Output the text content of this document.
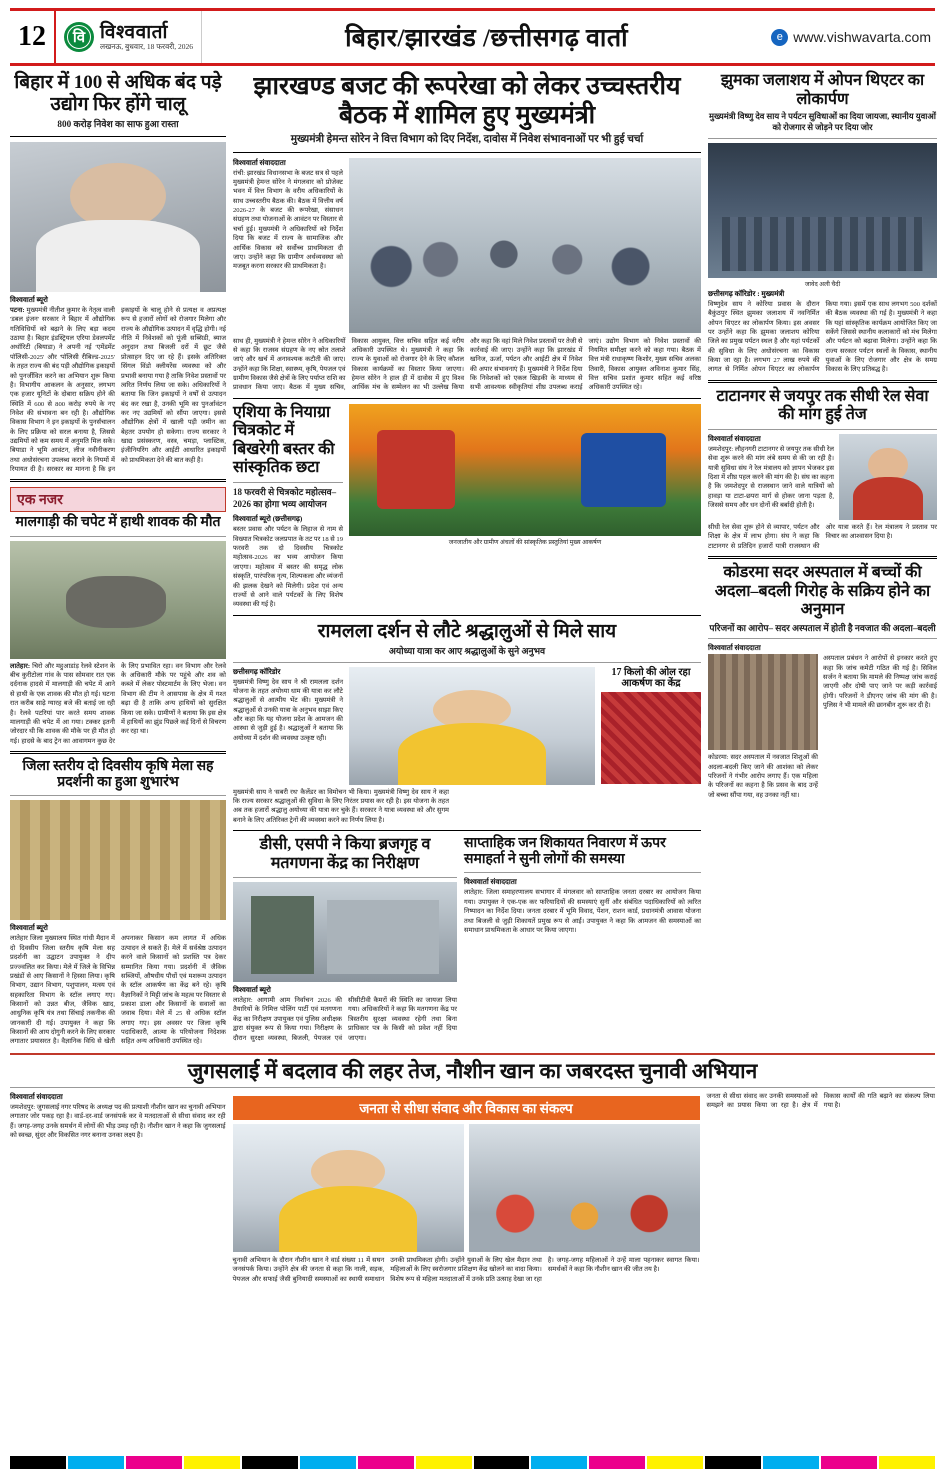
12	वि विश्ववार्ता
लखनऊ, बुधवार, 18 फरवरी, 2026	बिहार/झारखंड /छत्तीसगढ़ वार्ता	e www.vishwavarta.com
बिहार में 100 से अधिक बंद पड़े उद्योग फिर होंगे चालू
800 करोड़ निवेश का साफ हुआ रास्ता
विश्ववार्ता ब्यूरो
पटना: मुख्यमंत्री नीतीश कुमार के नेतृत्व वाली 'डबल इंजन' सरकार ने बिहार में औद्योगिक गतिविधियों को बढ़ाने के लिए बड़ा कदम उठाया है। बिहार इंडस्ट्रियल एरिया डेवलपमेंट अथॉरिटी (बियाडा) ने अपनी नई 'एमेंडमेंट पॉलिसी-2025' और 'पॉलिसी रीबिल्ड-2025' के तहत राज्य की बंद पड़ी औद्योगिक इकाइयों को पुनर्जीवित करने का अभियान शुरू किया है। विभागीय आकलन के अनुसार, लगभग एक हजार यूनिटों के दोबारा सक्रिय होने की स्थिति में 600 से 800 करोड़ रुपये के नए निवेश की संभावना बन रही है। औद्योगिक विकास विभाग ने इन इकाइयों के पुनर्संचालन के लिए प्रक्रिया को सरल बनाया है, जिससे उद्यमियों को कम समय में अनुमति मिल सके। बियाडा ने भूमि आवंटन, लीज नवीनीकरण तथा अधोसंरचना उपलब्ध कराने के नियमों में रियायत दी है। सरकार का मानना है कि इन इकाइयों के चालू होने से प्रत्यक्ष व अप्रत्यक्ष रूप से हजारों लोगों को रोजगार मिलेगा और राज्य के औद्योगिक उत्पादन में वृद्धि होगी। नई नीति में निवेशकों को पूंजी सब्सिडी, ब्याज अनुदान तथा बिजली दरों में छूट जैसे प्रोत्साहन दिए जा रहे हैं। इसके अतिरिक्त सिंगल विंडो क्लीयरेंस व्यवस्था को और प्रभावी बनाया गया है ताकि निवेश प्रस्तावों पर त्वरित निर्णय लिया जा सके। अधिकारियों ने बताया कि जिन इकाइयों ने वर्षों से उत्पादन बंद कर रखा है, उनकी भूमि का पुनर्आवंटन कर नए उद्यमियों को सौंपा जाएगा। इससे औद्योगिक क्षेत्रों में खाली पड़ी जमीन का बेहतर उपयोग हो सकेगा। राज्य सरकार ने खाद्य प्रसंस्करण, वस्त्र, चमड़ा, प्लास्टिक, इंजीनियरिंग और आईटी आधारित इकाइयों को प्राथमिकता देने की बात कही है।
एक नजर
मालगाड़ी की चपेट में हाथी शावक की मौत
लातेहार: चिरो और महुआडांड़ रेलवे स्टेशन के बीच कुरीटोला गांव के पास सोमवार रात एक दर्दनाक हादसे में मालगाड़ी की चपेट में आने से हाथी के एक शावक की मौत हो गई। घटना रात करीब साढ़े ग्यारह बजे की बताई जा रही है। रेलवे पटरियां पार करते समय शावक मालगाड़ी की चपेट में आ गया। टक्कर इतनी जोरदार थी कि शावक की मौके पर ही मौत हो गई। हादसे के बाद ट्रेन का आवागमन कुछ देर के लिए प्रभावित रहा। वन विभाग और रेलवे के अधिकारी मौके पर पहुंचे और शव को कब्जे में लेकर पोस्टमार्टम के लिए भेजा। वन विभाग की टीम ने आसपास के क्षेत्र में गश्त बढ़ा दी है ताकि अन्य हाथियों को सुरक्षित किया जा सके। ग्रामीणों ने बताया कि इस क्षेत्र में हाथियों का झुंड पिछले कई दिनों से विचरण कर रहा था।
जिला स्तरीय दो दिवसीय कृषि मेला सह प्रदर्शनी का हुआ शुभारंभ
विश्ववार्ता ब्यूरो
लातेहार जिला मुख्यालय स्थित गांधी मैदान में दो दिवसीय जिला स्तरीय कृषि मेला सह प्रदर्शनी का उद्घाटन उपायुक्त ने दीप प्रज्ज्वलित कर किया। मेले में जिले के विभिन्न प्रखंडों से आए किसानों ने हिस्सा लिया। कृषि विभाग, उद्यान विभाग, पशुपालन, मत्स्य एवं सहकारिता विभाग के स्टॉल लगाए गए। किसानों को उन्नत बीज, जैविक खाद, आधुनिक कृषि यंत्र तथा सिंचाई तकनीक की जानकारी दी गई। उपायुक्त ने कहा कि किसानों की आय दोगुनी करने के लिए सरकार लगातार प्रयासरत है। वैज्ञानिक विधि से खेती अपनाकर किसान कम लागत में अधिक उत्पादन ले सकते हैं। मेले में सर्वश्रेष्ठ उत्पादन करने वाले किसानों को प्रशस्ति पत्र देकर सम्मानित किया गया। प्रदर्शनी में जैविक सब्जियों, औषधीय पौधों एवं मशरूम उत्पादन के स्टॉल आकर्षण का केंद्र बने रहे। कृषि वैज्ञानिकों ने मिट्टी जांच के महत्व पर विस्तार से प्रकाश डाला और किसानों के सवालों का जवाब दिया। मेले में 25 से अधिक स्टॉल लगाए गए। इस अवसर पर जिला कृषि पदाधिकारी, आत्मा के परियोजना निदेशक सहित अन्य अधिकारी उपस्थित रहे।
झारखण्ड बजट की रूपरेखा को लेकर उच्चस्तरीय बैठक में शामिल हुए मुख्यमंत्री
मुख्यमंत्री हेमन्त सोरेन ने वित्त विभाग को दिए निर्देश, दावोस में निवेश संभावनाओं पर भी हुई चर्चा
विश्ववार्ता संवाददाता
रांची: झारखंड विधानसभा के बजट सत्र से पहले मुख्यमंत्री हेमन्त सोरेन ने मंगलवार को प्रोजेक्ट भवन में वित्त विभाग के वरीय अधिकारियों के साथ उच्चस्तरीय बैठक की। बैठक में वित्तीय वर्ष 2026-27 के बजट की रूपरेखा, संसाधन संग्रहण तथा योजनाओं के आवंटन पर विस्तार से चर्चा हुई। मुख्यमंत्री ने अधिकारियों को निर्देश दिया कि बजट में राज्य के सामाजिक और आर्थिक विकास को सर्वोच्च प्राथमिकता दी जाए। उन्होंने कहा कि ग्रामीण अर्थव्यवस्था को मजबूत करना सरकार की प्राथमिकता है।
साथ ही, मुख्यमंत्री ने हेमन्त सोरेन ने अधिकारियों से कहा कि राजस्व संग्रहण के नए स्रोत तलाशे जाएं और खर्च में अनावश्यक कटौती की जाए। उन्होंने कहा कि शिक्षा, स्वास्थ्य, कृषि, पेयजल एवं ग्रामीण विकास जैसे क्षेत्रों के लिए पर्याप्त राशि का प्रावधान किया जाए। बैठक में मुख्य सचिव, विकास आयुक्त, वित्त सचिव सहित कई वरीय अधिकारी उपस्थित थे। मुख्यमंत्री ने कहा कि राज्य के युवाओं को रोजगार देने के लिए कौशल विकास कार्यक्रमों का विस्तार किया जाएगा। हेमन्त सोरेन ने हाल ही में दावोस में हुए विश्व आर्थिक मंच के सम्मेलन का भी उल्लेख किया और कहा कि वहां मिले निवेश प्रस्तावों पर तेजी से कार्रवाई की जाए। उन्होंने कहा कि झारखंड में खनिज, ऊर्जा, पर्यटन और आईटी क्षेत्र में निवेश की अपार संभावनाएं हैं। मुख्यमंत्री ने निर्देश दिया कि निवेशकों को एकल खिड़की के माध्यम से सभी आवश्यक स्वीकृतियां शीघ्र उपलब्ध कराई जाएं। उद्योग विभाग को निवेश प्रस्तावों की नियमित समीक्षा करने को कहा गया। बैठक में वित्त मंत्री राधाकृष्ण किशोर, मुख्य सचिव अलका तिवारी, विकास आयुक्त अविनाश कुमार सिंह, वित्त सचिव प्रशांत कुमार सहित कई वरिष्ठ अधिकारी उपस्थित रहे।
एशिया के नियाग्रा चित्रकोट में बिखरेगी बस्तर की सांस्कृतिक छटा
18 फरवरी से चित्रकोट महोत्सव–2026 का होगा भव्य आयोजन
विश्ववार्ता ब्यूरो (छत्तीसगढ़)
बस्तर प्रवास और पर्यटन के लिहाज से नाम से विख्यात चित्रकोट जलप्रपात के तट पर 18 से 19 फरवरी तक दो दिवसीय चित्रकोट महोत्सव-2026 का भव्य आयोजन किया जाएगा। महोत्सव में बस्तर की समृद्ध लोक संस्कृति, पारंपरिक नृत्य, शिल्पकला और व्यंजनों की झलक देखने को मिलेगी। प्रदेश एवं अन्य राज्यों से आने वाले पर्यटकों के लिए विशेष व्यवस्था की गई है।
जनजातीय और ग्रामीण अंचलों की सांस्कृतिक प्रस्तुतियां मुख्य आकर्षण
रामलला दर्शन से लौटे श्रद्धालुओं से मिले साय
अयोध्या यात्रा कर आए श्रद्धालुओं के सुने अनुभव
छत्तीसगढ़ कॉरिडोर
मुख्यमंत्री विष्णु देव साय ने श्री रामलला दर्शन योजना के तहत अयोध्या धाम की यात्रा कर लौटे श्रद्धालुओं से आत्मीय भेंट की। मुख्यमंत्री ने श्रद्धालुओं से उनकी यात्रा के अनुभव साझा किए और कहा कि यह योजना प्रदेश के आमजन की आस्था से जुड़ी हुई है। श्रद्धालुओं ने बताया कि अयोध्या में दर्शन की व्यवस्था उत्कृष्ट रही।
17 किलो की ओल रहा आकर्षण का केंद्र
मुख्यमंत्री साय ने 'सबरी रथ' कैलेंडर का विमोचन भी किया। मुख्यमंत्री विष्णु देव साय ने कहा कि राज्य सरकार श्रद्धालुओं की सुविधा के लिए निरंतर प्रयास कर रही है। इस योजना के तहत अब तक हजारों श्रद्धालु अयोध्या की यात्रा कर चुके हैं। सरकार ने यात्रा व्यवस्था को और सुगम बनाने के लिए अतिरिक्त ट्रेनों की व्यवस्था करने का निर्णय लिया है।
डीसी, एसपी ने किया ब्रजगृह व मतगणना केंद्र का निरीक्षण
विश्ववार्ता ब्यूरो
लातेहार: आगामी आम निर्वाचन 2026 की तैयारियों के निमित्त पोलिंग पार्टी एवं मतगणना केंद्र का निरीक्षण उपायुक्त एवं पुलिस अधीक्षक द्वारा संयुक्त रूप से किया गया। निरीक्षण के दौरान सुरक्षा व्यवस्था, बिजली, पेयजल एवं सीसीटीवी कैमरों की स्थिति का जायजा लिया गया। अधिकारियों ने कहा कि मतगणना केंद्र पर त्रिस्तरीय सुरक्षा व्यवस्था रहेगी तथा बिना प्राधिकार पत्र के किसी को प्रवेश नहीं दिया जाएगा।
साप्ताहिक जन शिकायत निवारण में ऊपर समाहर्ता ने सुनी लोगों की समस्या
विश्ववार्ता संवाददाता
लातेहार: जिला समाहरणालय सभागार में मंगलवार को साप्ताहिक जनता दरबार का आयोजन किया गया। उपायुक्त ने एक-एक कर फरियादियों की समस्याएं सुनीं और संबंधित पदाधिकारियों को त्वरित निष्पादन का निर्देश दिया। जनता दरबार में भूमि विवाद, पेंशन, राशन कार्ड, प्रधानमंत्री आवास योजना तथा बिजली से जुड़ी शिकायतें प्रमुख रूप से आईं। उपायुक्त ने कहा कि आमजन की समस्याओं का समाधान प्राथमिकता के आधार पर किया जाएगा।
झुमका जलाशय में ओपन थिएटर का लोकार्पण
मुख्यमंत्री विष्णु देव साय ने पर्यटन सुविधाओं का दिया जायजा, स्थानीय युवाओं को रोजगार से जोड़ने पर दिया जोर
जावेद अली चैदी
छत्तीसगढ़ कॉरिडोर : मुख्यमंत्री
विष्णुदेव साय ने कोरिया प्रवास के दौरान बैकुंठपुर स्थित झुमका जलाशय में नवनिर्मित ओपन थिएटर का लोकार्पण किया। इस अवसर पर उन्होंने कहा कि झुमका जलाशय कोरिया जिले का प्रमुख पर्यटन स्थल है और यहां पर्यटकों की सुविधा के लिए अधोसंरचना का विकास किया जा रहा है। लगभग 27 लाख रुपये की लागत से निर्मित ओपन थिएटर का लोकार्पण किया गया। इसमें एक साथ लगभग 500 दर्शकों की बैठक व्यवस्था की गई है। मुख्यमंत्री ने कहा कि यहां सांस्कृतिक कार्यक्रम आयोजित किए जा सकेंगे जिससे स्थानीय कलाकारों को मंच मिलेगा और पर्यटन को बढ़ावा मिलेगा। उन्होंने कहा कि राज्य सरकार पर्यटन स्थलों के विकास, स्थानीय युवाओं के लिए रोजगार और क्षेत्र के समग्र विकास के लिए प्रतिबद्ध है।
टाटानगर से जयपुर तक सीधी रेल सेवा की मांग हुई तेज
विश्ववार्ता संवाददाता
जमशेदपुर: लौहनगरी टाटानगर से जयपुर तक सीधी रेल सेवा शुरू करने की मांग लंबे समय से की जा रही है। यात्री सुविधा संघ ने रेल मंत्रालय को ज्ञापन भेजकर इस दिशा में शीघ्र पहल करने की मांग की है। संघ का कहना है कि जमशेदपुर से राजस्थान जाने वाले यात्रियों को हावड़ा या टाटा-छपरा मार्ग से होकर जाना पड़ता है, जिससे समय और धन दोनों की बर्बादी होती है।
सीधी रेल सेवा शुरू होने से व्यापार, पर्यटन और शिक्षा के क्षेत्र में लाभ होगा। संघ ने कहा कि टाटानगर से प्रतिदिन हजारों यात्री राजस्थान की ओर यात्रा करते हैं। रेल मंत्रालय ने प्रस्ताव पर विचार का आश्वासन दिया है।
कोडरमा सदर अस्पताल में बच्चों की अदला–बदली गिरोह के सक्रिय होने का अनुमान
परिजनों का आरोप– सदर अस्पताल में होती है नवजात की अदला–बदली
विश्ववार्ता संवाददाता
कोडरमा: सदर अस्पताल में नवजात शिशुओं की अदला-बदली किए जाने की आशंका को लेकर परिजनों ने गंभीर आरोप लगाए हैं। एक महिला के परिजनों का कहना है कि प्रसव के बाद उन्हें जो बच्चा सौंपा गया, वह उनका नहीं था।
अस्पताल प्रबंधन ने आरोपों से इनकार करते हुए कहा कि जांच कमेटी गठित की गई है। सिविल सर्जन ने बताया कि मामले की निष्पक्ष जांच कराई जाएगी और दोषी पाए जाने पर कड़ी कार्रवाई होगी। परिजनों ने डीएनए जांच की मांग की है। पुलिस ने भी मामले की छानबीन शुरू कर दी है।
जुगसलाई में बदलाव की लहर तेज, नौशीन खान का जबरदस्त चुनावी अभियान
विश्ववार्ता संवाददाता
जमशेदपुर: जुगसलाई नगर परिषद के अध्यक्ष पद की प्रत्याशी नौशीन खान का चुनावी अभियान लगातार जोर पकड़ रहा है। वार्ड-दर-वार्ड जनसंपर्क कर वे मतदाताओं से सीधा संवाद कर रही हैं। जगह-जगह उनके समर्थन में लोगों की भीड़ उमड़ रही है। नौशीन खान ने कहा कि जुगसलाई को स्वच्छ, सुंदर और विकसित नगर बनाना उनका लक्ष्य है।
जनता से सीधा संवाद और विकास का संकल्प
चुनावी अभियान के दौरान नौशीन खान ने वार्ड संख्या 11 में सघन जनसंपर्क किया। उन्होंने क्षेत्र की जनता से कहा कि नाली, सड़क, पेयजल और सफाई जैसी बुनियादी समस्याओं का स्थायी समाधान उनकी प्राथमिकता होगी। उन्होंने युवाओं के लिए खेल मैदान तथा महिलाओं के लिए स्वरोजगार प्रशिक्षण केंद्र खोलने का वादा किया। विशेष रूप से महिला मतदाताओं में उनके प्रति उत्साह देखा जा रहा है। जगह-जगह महिलाओं ने उन्हें माला पहनाकर स्वागत किया। समर्थकों ने कहा कि नौशीन खान की जीत तय है।
जनता से सीधा संवाद कर उनकी समस्याओं को समझने का प्रयास किया जा रहा है। क्षेत्र में विकास कार्यों की गति बढ़ाने का संकल्प लिया गया है।
